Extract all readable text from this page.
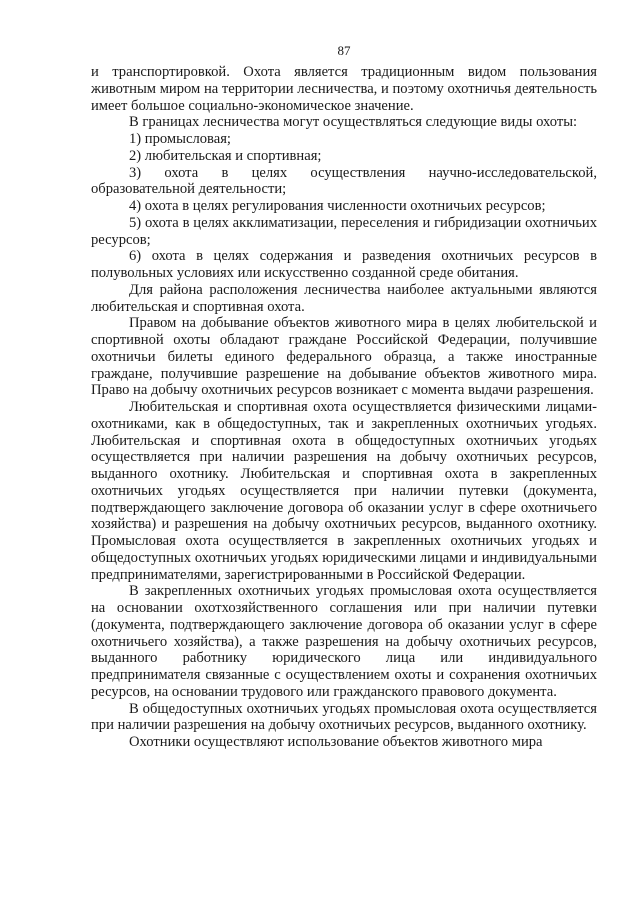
87

и транспортировкой. Охота является традиционным видом пользования животным миром на территории лесничества, и поэтому охотничья деятельность имеет большое социально-экономическое значение.

В границах лесничества могут осуществляться следующие виды охоты:

1) промысловая;

2) любительская и спортивная;

3) охота в целях осуществления научно-исследовательской, образовательной деятельности;

4) охота в целях регулирования численности охотничьих ресурсов;

5) охота в целях акклиматизации, переселения и гибридизации охотничьих ресурсов;

6) охота в целях содержания и разведения охотничьих ресурсов в полувольных условиях или искусственно созданной среде обитания.

Для района расположения лесничества наиболее актуальными являются любительская и спортивная охота.

Правом на добывание объектов животного мира в целях любительской и спортивной охоты обладают граждане Российской Федерации, получившие охотничьи билеты единого федерального образца, а также иностранные граждане, получившие разрешение на добывание объектов животного мира. Право на добычу охотничьих ресурсов возникает с момента выдачи разрешения.

Любительская и спортивная охота осуществляется физическими лицами-охотниками, как в общедоступных, так и закрепленных охотничьих угодьях. Любительская и спортивная охота в общедоступных охотничьих угодьях осуществляется при наличии разрешения на добычу охотничьих ресурсов, выданного охотнику. Любительская и спортивная охота в закрепленных охотничьих угодьях осуществляется при наличии путевки (документа, подтверждающего заключение договора об оказании услуг в сфере охотничьего хозяйства) и разрешения на добычу охотничьих ресурсов, выданного охотнику. Промысловая охота осуществляется в закрепленных охотничьих угодьях и общедоступных охотничьих угодьях юридическими лицами и индивидуальными предпринимателями, зарегистрированными в Российской Федерации.

В закрепленных охотничьих угодьях промысловая охота осуществляется на основании охотхозяйственного соглашения или при наличии путевки (документа, подтверждающего заключение договора об оказании услуг в сфере охотничьего хозяйства), а также разрешения на добычу охотничьих ресурсов, выданного работнику юридического лица или индивидуального предпринимателя связанные с осуществлением охоты и сохранения охотничьих ресурсов, на основании трудового или гражданского правового документа.

В общедоступных охотничьих угодьях промысловая охота осуществляется при наличии разрешения на добычу охотничьих ресурсов, выданного охотнику.

Охотники осуществляют использование объектов животного мира
